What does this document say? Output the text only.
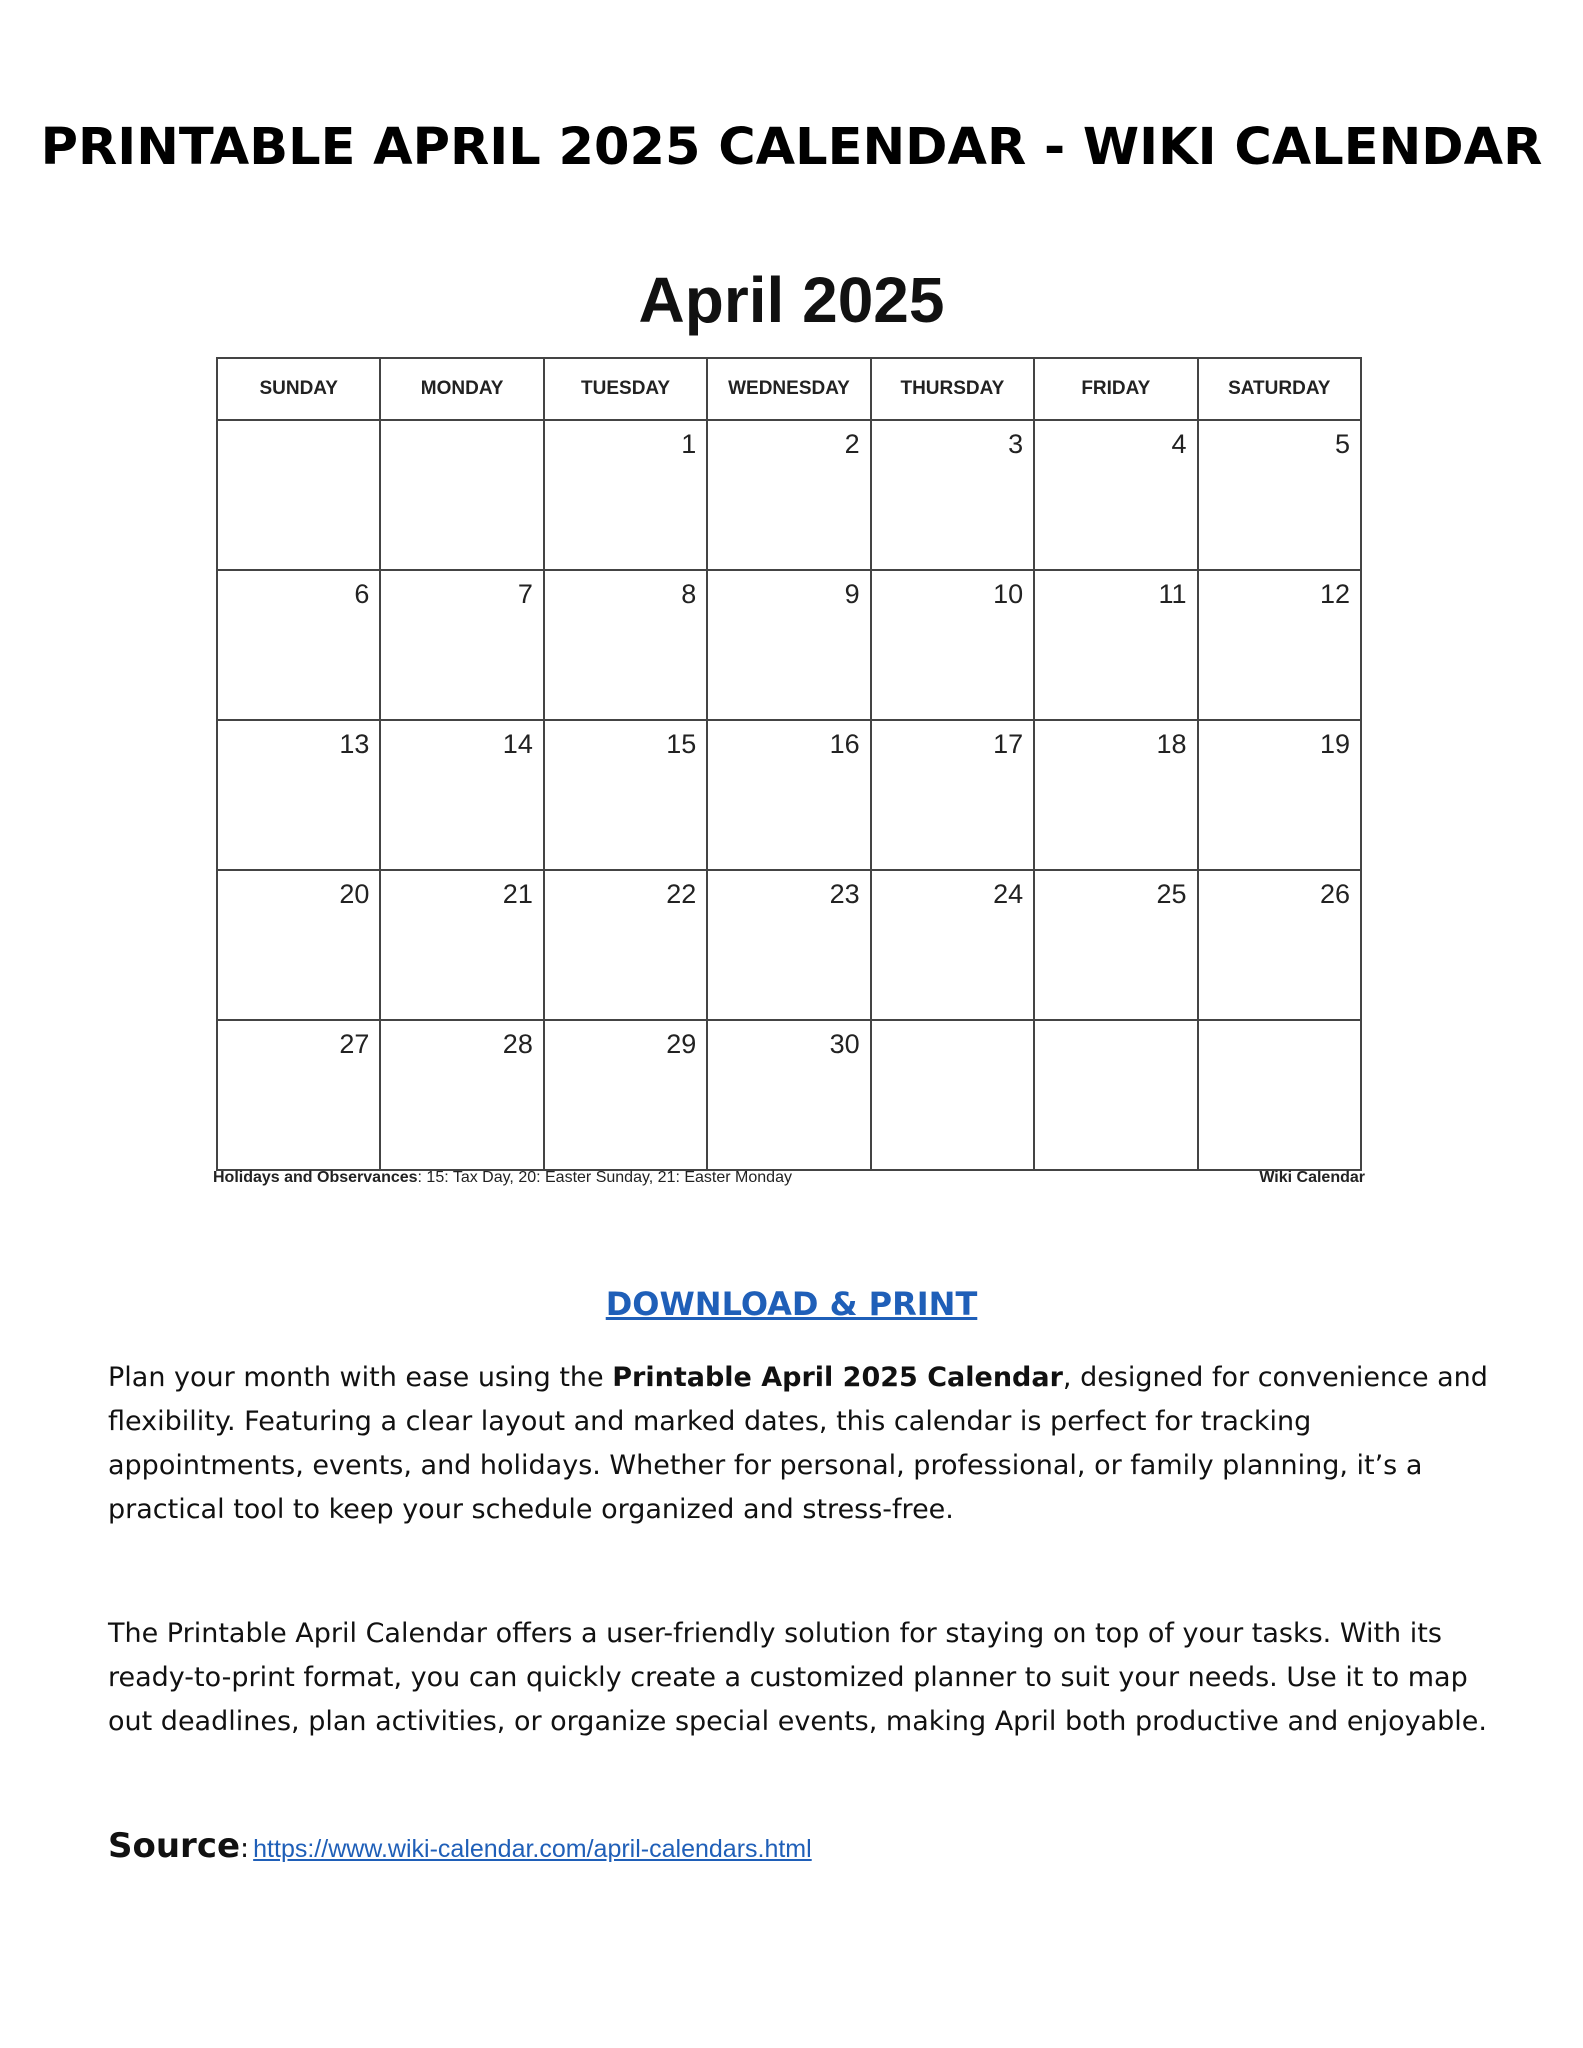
PRINTABLE APRIL 2025 CALENDAR - WIKI CALENDAR
April 2025
SUNDAY	MONDAY	TUESDAY	WEDNESDAY	THURSDAY	FRIDAY	SATURDAY

		1	2	3	4	5

6	7	8	9	10	11	12

13	14	15	16	17	18	19

20	21	22	23	24	25	26

27	28	29	30			

Holidays and Observances: 15: Tax Day, 20: Easter Sunday, 21: Easter Monday	Wiki Calendar
DOWNLOAD & PRINT
Plan your month with ease using the Printable April 2025 Calendar, designed for convenience and flexibility. Featuring a clear layout and marked dates, this calendar is perfect for tracking appointments, events, and holidays. Whether for personal, professional, or family planning, it’s a practical tool to keep your schedule organized and stress-free.
The Printable April Calendar offers a user-friendly solution for staying on top of your tasks. With its ready-to-print format, you can quickly create a customized planner to suit your needs. Use it to map out deadlines, plan activities, or organize special events, making April both productive and enjoyable.
Source: https://www.wiki-calendar.com/april-calendars.html
